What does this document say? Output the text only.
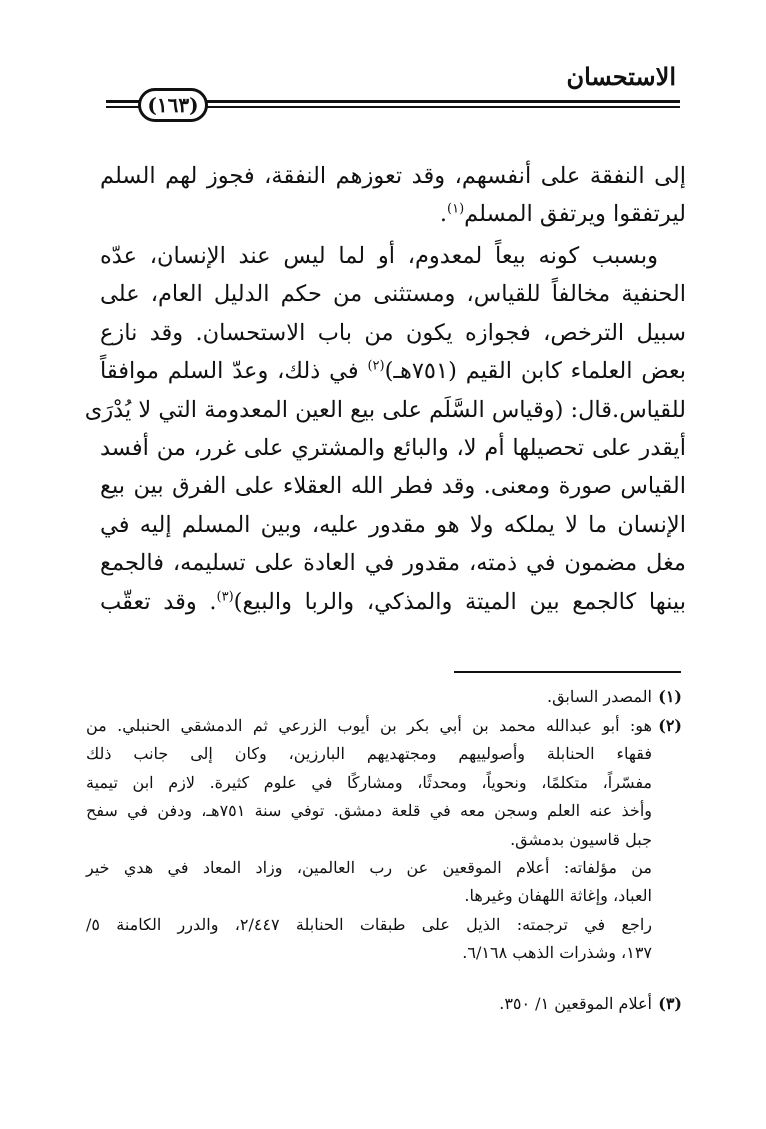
الاستحسان
(١٦٣)
إلى النفقة على أنفسهم، وقد تعوزهم النفقة، فجوز لهم السلم
ليرتفقوا ويرتفق المسلم$^{(١)}$.
وبسبب كونه بيعاً لمعدوم، أو لما ليس عند الإنسان، عدّه
الحنفية مخالفاً للقياس، ومستثنى من حكم الدليل العام، على
سبيل الترخص، فجوازه يكون من باب الاستحسان. وقد نازع
بعض العلماء كابن القيم (٧٥١هـ)$^{(٢)}$ في ذلك، وعدّ السلم موافقاً
للقياس.قال: (وقياس السَّلَم على بيع العين المعدومة التي لا يُدْرَى
أيقدر على تحصيلها أم لا، والبائع والمشتري على غرر، من أفسد
القياس صورة ومعنى. وقد فطر الله العقلاء على الفرق بين بيع
الإنسان ما لا يملكه ولا هو مقدور عليه، وبين المسلم إليه في
مغل مضمون في ذمته، مقدور في العادة على تسليمه، فالجمع
بينها كالجمع بين الميتة والمذكي، والربا والبيع)$^{(٣)}$. وقد تعقّب
(١)
المصدر السابق.
(٢)
هو: أبو عبدالله محمد بن أبي بكر بن أيوب الزرعي ثم الدمشقي الحنبلي. من
فقهاء الحنابلة وأصولييهم ومجتهديهم البارزين، وكان إلى جانب ذلك
مفسّراً، متكلمًا، ونحوياً، ومحدثًا، ومشاركًا في علوم كثيرة. لازم ابن تيمية
وأخذ عنه العلم وسجن معه في قلعة دمشق. توفي سنة ٧٥١هـ، ودفن في سفح
جبل قاسيون بدمشق.
من مؤلفاته: أعلام الموقعين عن رب العالمين، وزاد المعاد في هدي خير
العباد، وإغاثة اللهفان وغيرها.
راجع في ترجمته: الذيل على طبقات الحنابلة ٢/٤٤٧، والدرر الكامنة ٥/
١٣٧، وشذرات الذهب ٦/١٦٨.
(٣)
أعلام الموقعين ١/ ٣٥٠.
